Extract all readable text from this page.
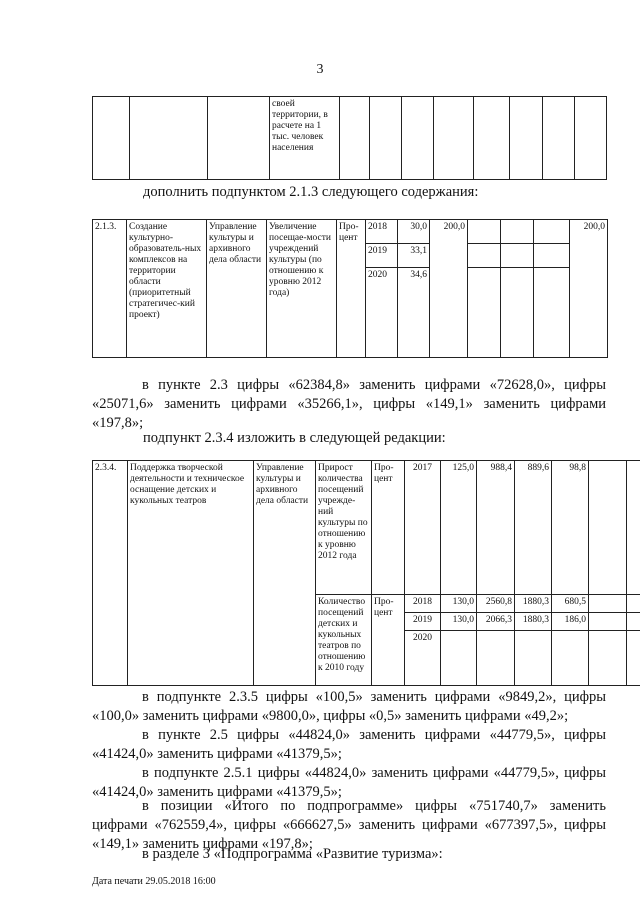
3
			своей территории, в расчете на 1 тыс. человек населения								
дополнить подпунктом 2.1.3 следующего содержания:
2.1.3.	Создание культурно-образователь-ных комплексов на территории области (приоритетный стратегичес-кий проект)	Управление культуры и архивного дела области	Увеличение посещае-мости учреждений культуры (по отношению к уровню 2012 года)	Про-цент	2018	30,0	200,0				200,0
					2019	33,1					
					2020	34,6					
в пункте 2.3 цифры «62384,8» заменить цифрами «72628,0», цифры «25071,6» заменить цифрами «35266,1», цифры «149,1» заменить цифрами «197,8»;
подпункт 2.3.4 изложить в следующей редакции:
2.3.4.	Поддержка творческой деятельности и техническое оснащение детских и кукольных театров	Управление культуры и архивного дела области	Прирост количества посещений учрежде-ний культуры по отношению к уровню 2012 года	Про-цент	2017	125,0	988,4	889,6	98,8		
			Количество посещений детских и кукольных театров по отношению к 2010 году	Про-цент	2018	130,0	2560,8	1880,3	680,5		
					2019	130,0	2066,3	1880,3	186,0		
					2020						
в подпункте 2.3.5 цифры «100,5» заменить цифрами «9849,2», цифры «100,0» заменить цифрами «9800,0», цифры «0,5» заменить цифрами «49,2»;
в пункте 2.5 цифры «44824,0» заменить цифрами «44779,5», цифры «41424,0» заменить цифрами «41379,5»;
в подпункте 2.5.1 цифры «44824,0» заменить цифрами «44779,5», цифры «41424,0» заменить цифрами «41379,5»;
в позиции «Итого по подпрограмме» цифры «751740,7» заменить цифрами «762559,4», цифры «666627,5» заменить цифрами «677397,5», цифры «149,1» заменить цифрами «197,8»;
в разделе 3 «Подпрограмма «Развитие туризма»:
Дата печати 29.05.2018 16:00
